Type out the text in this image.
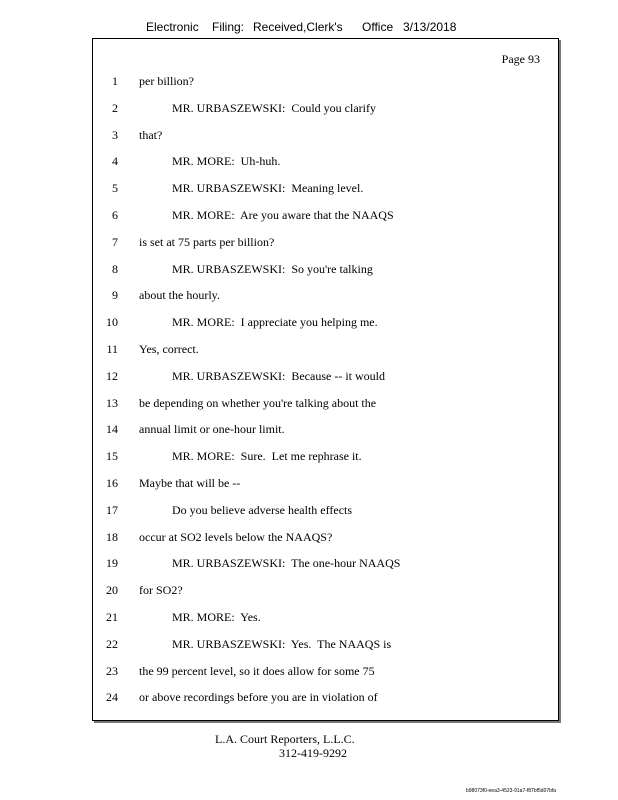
Electronic Filing: Received,Clerk's Office 3/13/2018
Page 93
1 per billion?
2	MR. URBASZEWSKI:  Could you clarify
3 that?
4	MR. MORE:  Uh-huh.
5	MR. URBASZEWSKI:  Meaning level.
6	MR. MORE:  Are you aware that the NAAQS
7 is set at 75 parts per billion?
8	MR. URBASZEWSKI:  So you're talking
9 about the hourly.
10	MR. MORE:  I appreciate you helping me.
11 Yes, correct.
12	MR. URBASZEWSKI:  Because -- it would
13 be depending on whether you're talking about the
14 annual limit or one-hour limit.
15	MR. MORE:  Sure.  Let me rephrase it.
16 Maybe that will be --
17	Do you believe adverse health effects
18 occur at SO2 levels below the NAAQS?
19	MR. URBASZEWSKI:  The one-hour NAAQS
20 for SO2?
21	MR. MORE:  Yes.
22	MR. URBASZEWSKI:  Yes.  The NAAQS is
23 the 99 percent level, so it does allow for some 75
24 or above recordings before you are in violation of
L.A. Court Reporters, L.L.C.
312-419-9292
b98073f0-eea3-4523-91a7-f87bf5d07bfa
